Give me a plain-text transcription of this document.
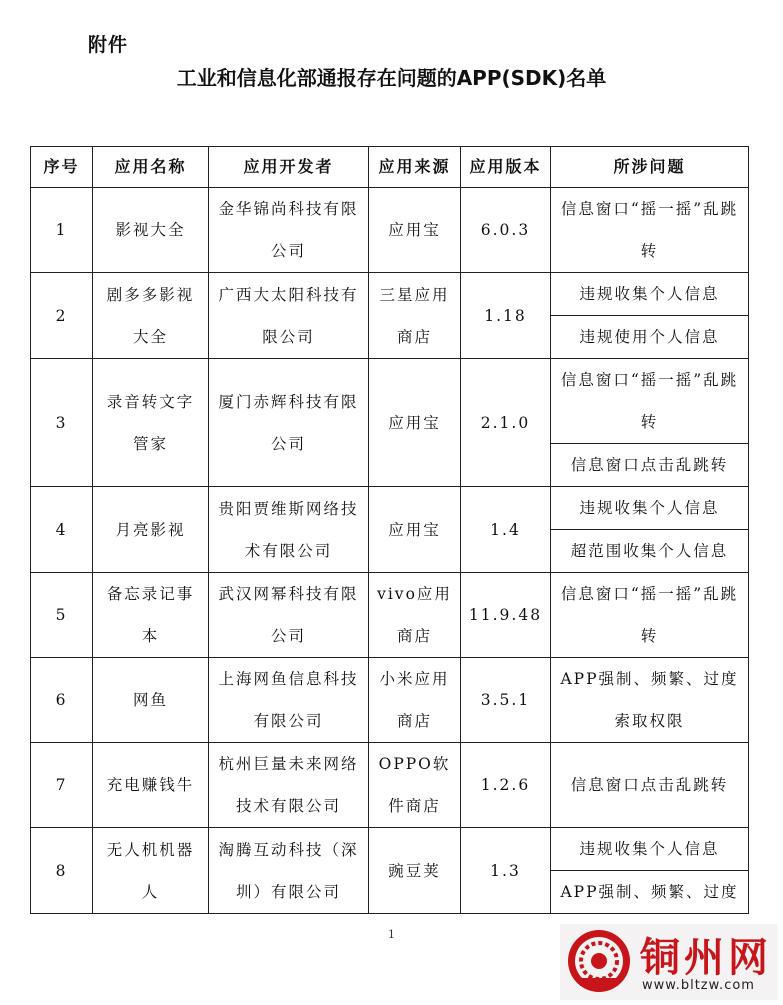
附件
工业和信息化部通报存在问题的APP(SDK)名单
序号	应用名称	应用开发者	应用来源	应用版本	所涉问题
1	影视大全	金华锦尚科技有限公司	应用宝	6.0.3	信息窗口“摇一摇”乱跳转
2	剧多多影视大全	广西大太阳科技有限公司	三星应用商店	1.18	违规收集个人信息
					违规使用个人信息
3	录音转文字管家	厦门赤辉科技有限公司	应用宝	2.1.0	信息窗口“摇一摇”乱跳转
					信息窗口点击乱跳转
4	月亮影视	贵阳贾维斯网络技术有限公司	应用宝	1.4	违规收集个人信息
					超范围收集个人信息
5	备忘录记事本	武汉网幂科技有限公司	vivo应用商店	11.9.48	信息窗口“摇一摇”乱跳转
6	网鱼	上海网鱼信息科技有限公司	小米应用商店	3.5.1	APP强制、频繁、过度索取权限
7	充电赚钱牛	杭州巨量未来网络技术有限公司	OPPO软件商店	1.2.6	信息窗口点击乱跳转
8	无人机机器人	淘腾互动科技（深圳）有限公司	豌豆荚	1.3	违规收集个人信息
					APP强制、频繁、过度
1
铜州网
www.bltzw.com
